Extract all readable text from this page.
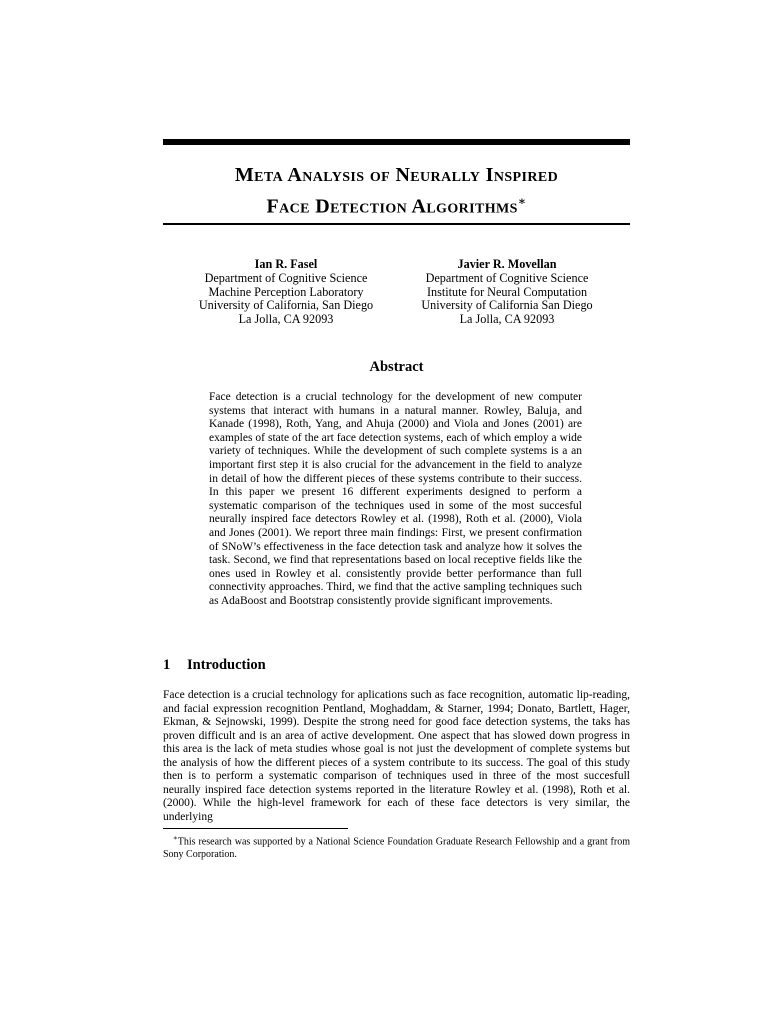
Meta Analysis of Neurally Inspired
Face Detection Algorithms∗
Ian R. Fasel
Department of Cognitive Science
Machine Perception Laboratory
University of California, San Diego
La Jolla, CA 92093
Javier R. Movellan
Department of Cognitive Science
Institute for Neural Computation
University of California San Diego
La Jolla, CA 92093
Abstract
Face detection is a crucial technology for the development of new computer systems that interact with humans in a natural manner. Rowley, Baluja, and Kanade (1998), Roth, Yang, and Ahuja (2000) and Viola and Jones (2001) are examples of state of the art face detection systems, each of which employ a wide variety of techniques. While the development of such complete systems is a an important first step it is also crucial for the advancement in the field to analyze in detail of how the different pieces of these systems contribute to their success. In this paper we present 16 different experiments designed to perform a systematic comparison of the techniques used in some of the most succesful neurally inspired face detectors Rowley et al. (1998), Roth et al. (2000), Viola and Jones (2001). We report three main findings: First, we present confirmation of SNoW’s effectiveness in the face detection task and analyze how it solves the task. Second, we find that representations based on local receptive fields like the ones used in Rowley et al. consistently provide better performance than full connectivity approaches. Third, we find that the active sampling techniques such as AdaBoost and Bootstrap consistently provide significant improvements.
1 Introduction
Face detection is a crucial technology for aplications such as face recognition, automatic lip-reading, and facial expression recognition Pentland, Moghaddam, & Starner, 1994; Donato, Bartlett, Hager, Ekman, & Sejnowski, 1999). Despite the strong need for good face detection systems, the taks has proven difficult and is an area of active development. One aspect that has slowed down progress in this area is the lack of meta studies whose goal is not just the development of complete systems but the analysis of how the different pieces of a system contribute to its success. The goal of this study then is to perform a systematic comparison of techniques used in three of the most succesfull neurally inspired face detection systems reported in the literature Rowley et al. (1998), Roth et al. (2000). While the high-level framework for each of these face detectors is very similar, the underlying
∗This research was supported by a National Science Foundation Graduate Research Fellowship and a grant from Sony Corporation.
